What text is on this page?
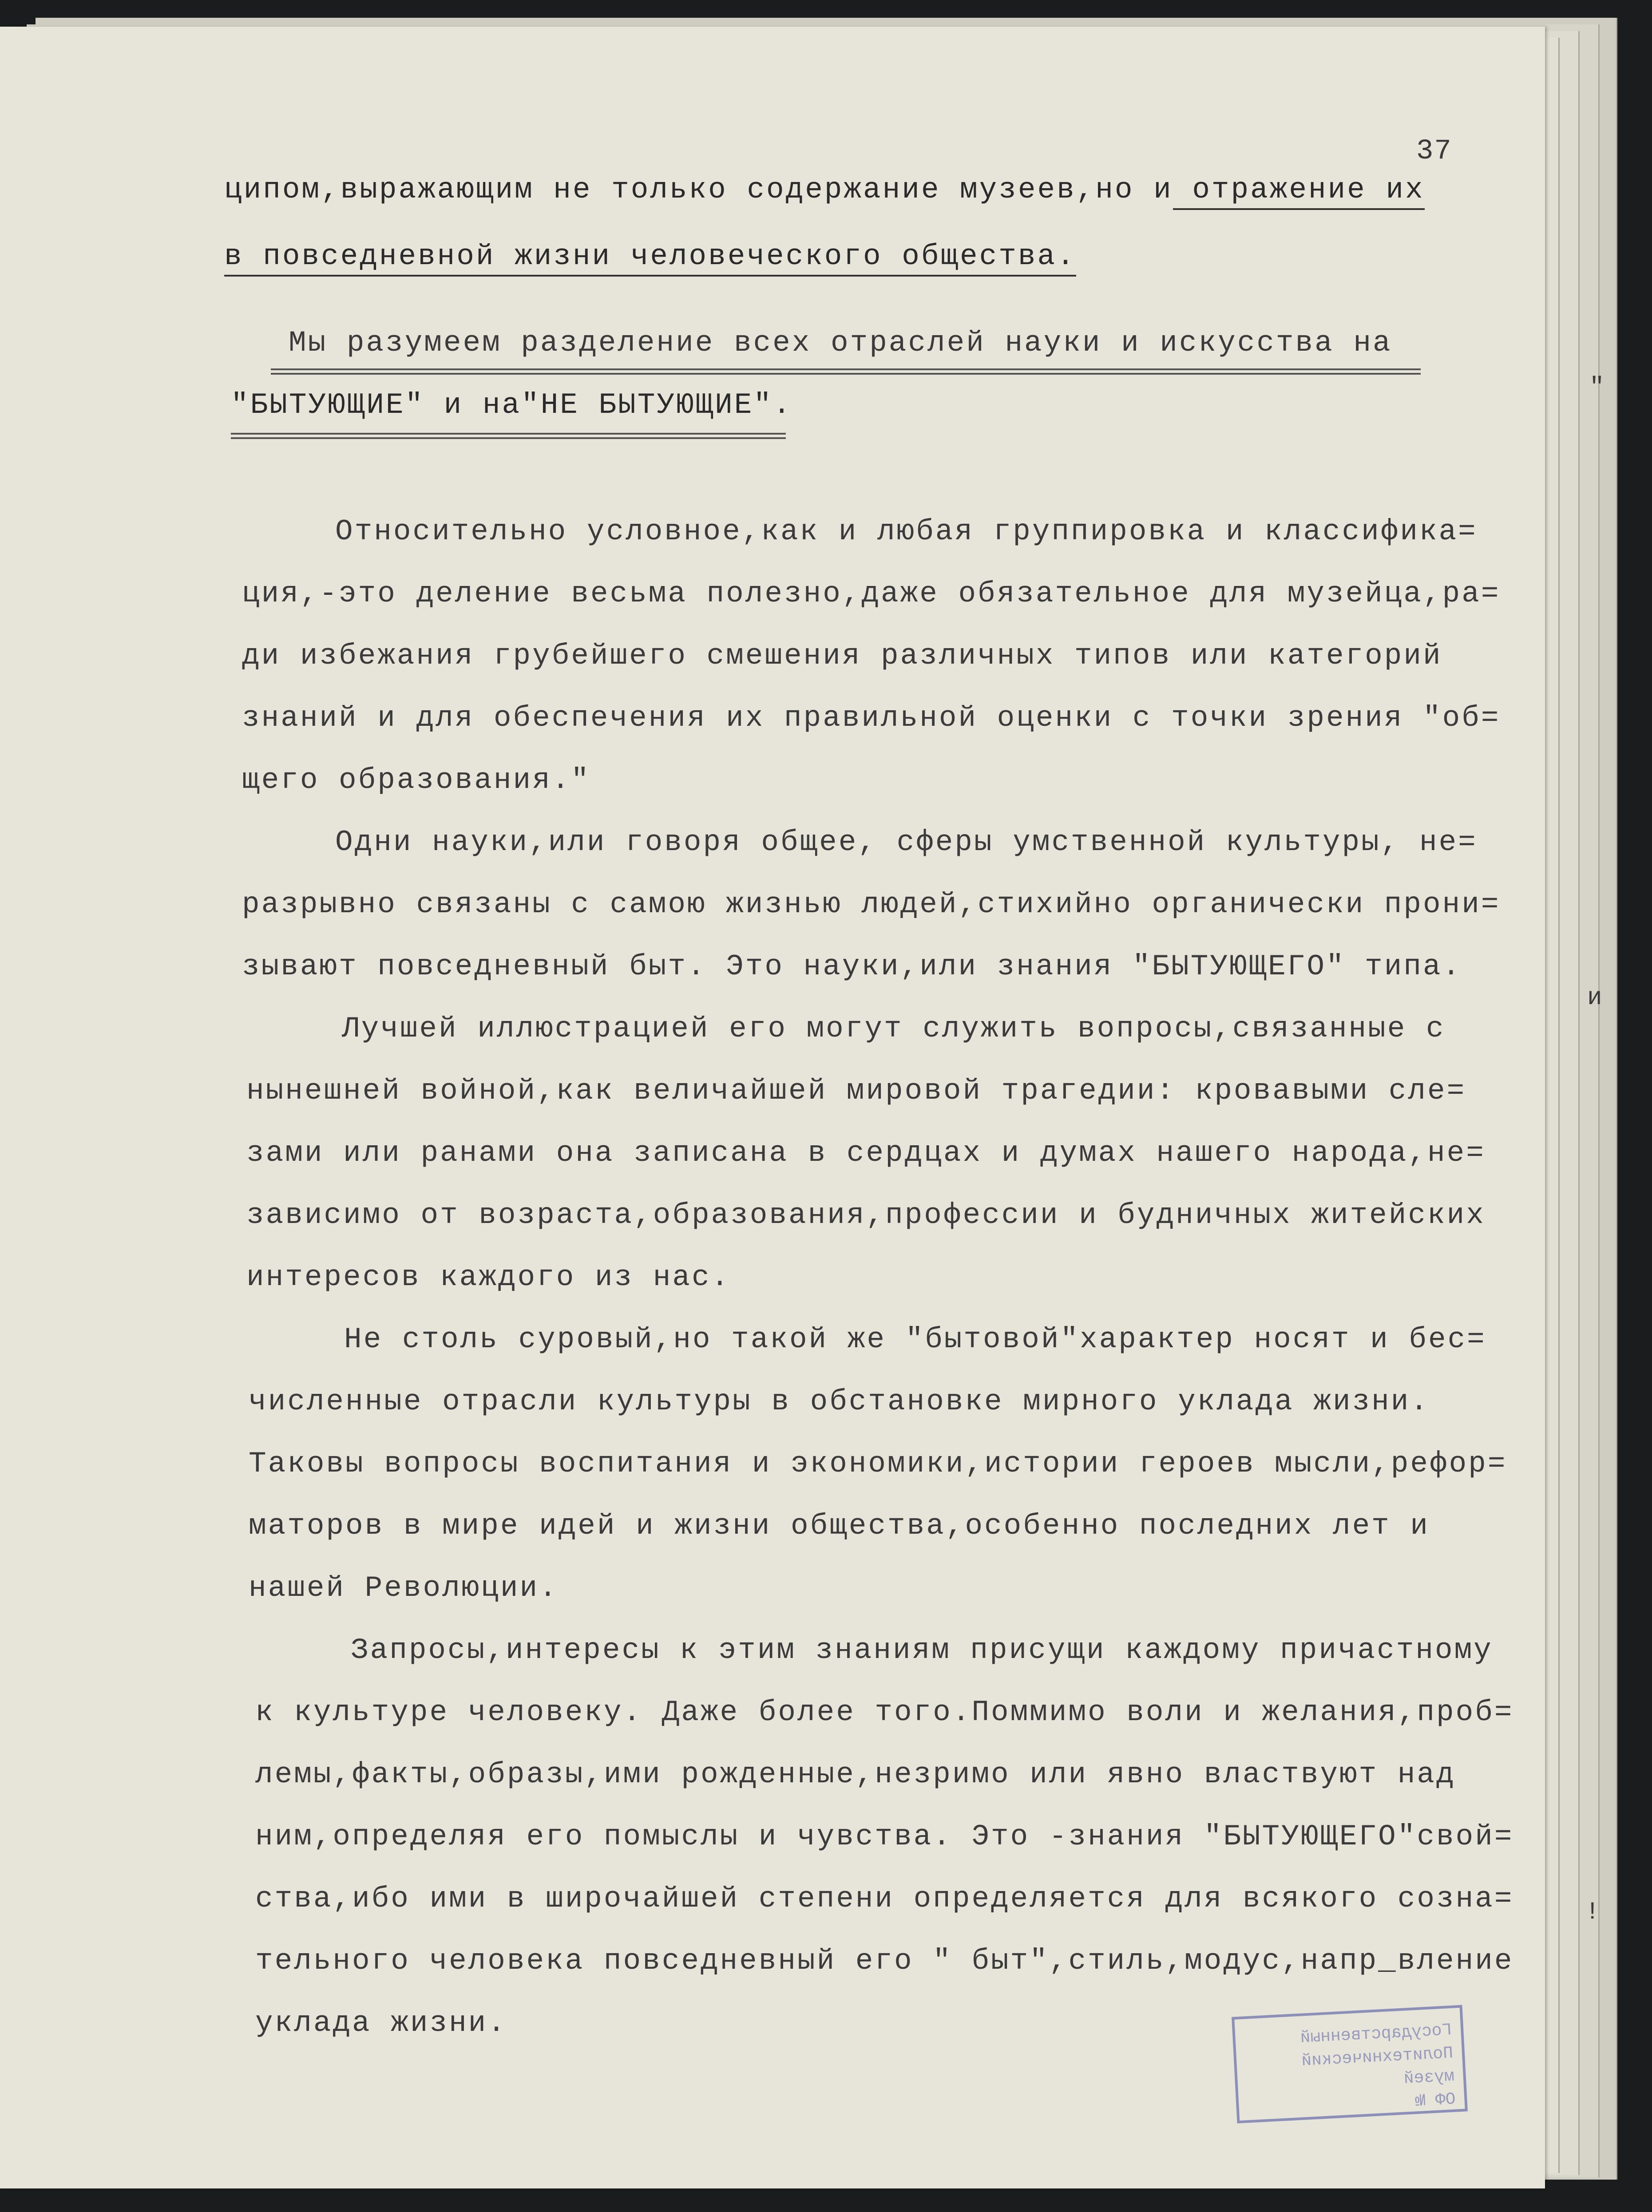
37
ципом,выражающим не только содержание музеев,но и отражение их
в повседневной жизни человеческого общества.
Мы разумеем разделение всех отраслей науки и искусства на
"БЫТУЮЩИЕ" и на"НЕ БЫТУЮЩИЕ".
Относительно условное,как и любая группировка и классифика=
ция,-это деление весьма полезно,даже обязательное для музейца,ра=
ди избежания грубейшего смешения различных типов или категорий
знаний и для обеспечения их правильной оценки с точки зрения "об=
щего образования."
Одни науки,или говоря общее, сферы умственной культуры, не=
разрывно связаны с самою жизнью людей,стихийно органически прони=
зывают повседневный быт. Это науки,или знания "БЫТУЮЩЕГО" типа.
Лучшей иллюстрацией его могут служить вопросы,связанные с
нынешней войной,как величайшей мировой трагедии: кровавыми сле=
зами или ранами она записана в сердцах и думах нашего народа,не=
зависимо от возраста,образования,профессии и будничных житейских
интересов каждого из нас.
Не столь суровый,но такой же "бытовой"характер носят и бес=
численные отрасли культуры в обстановке мирного уклада жизни.
Таковы вопросы воспитания и экономики,истории героев мысли,рефор=
маторов в мире идей и жизни общества,особенно последних лет и
нашей Революции.
Запросы,интересы к этим знаниям присущи каждому причастному
к культуре человеку. Даже более того.Поммимо воли и желания,проб=
лемы,факты,образы,ими рожденные,незримо или явно властвуют над
ним,определяя его помыслы и чувства. Это -знания "БЫТУЮЩЕГО"свой=
ства,ибо ими в широчайшей степени определяется для всякого созна=
тельного человека повседневный его " быт",стиль,модус,напр_вление
уклада жизни.	Государственный
Политехнический
музей
ОФ №
"
и
!
